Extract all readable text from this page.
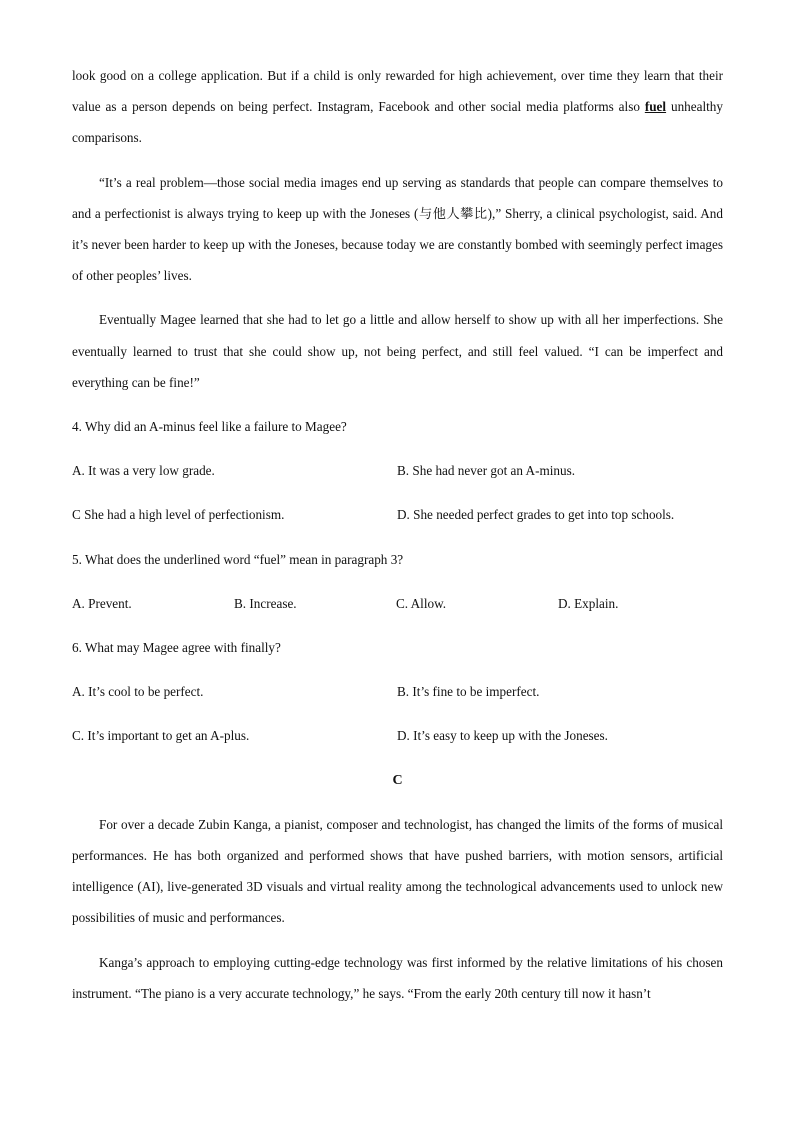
look good on a college application. But if a child is only rewarded for high achievement, over time they learn that their value as a person depends on being perfect. Instagram, Facebook and other social media platforms also fuel unhealthy comparisons.

“It’s a real problem—those social media images end up serving as standards that people can compare themselves to and a perfectionist is always trying to keep up with the Joneses (与他人攀比),” Sherry, a clinical psychologist, said. And it’s never been harder to keep up with the Joneses, because today we are constantly bombed with seemingly perfect images of other peoples’ lives.

Eventually Magee learned that she had to let go a little and allow herself to show up with all her imperfections. She eventually learned to trust that she could show up, not being perfect, and still feel valued. “I can be imperfect and everything can be fine!”

4. Why did an A-minus feel like a failure to Magee?
A. It was a very low grade.	B. She had never got an A-minus.
C She had a high level of perfectionism.	D. She needed perfect grades to get into top schools.
5. What does the underlined word “fuel” mean in paragraph 3?
A. Prevent.	B. Increase.	C. Allow.	D. Explain.
6. What may Magee agree with finally?
A. It’s cool to be perfect.	B. It’s fine to be imperfect.
C. It’s important to get an A-plus.	D. It’s easy to keep up with the Joneses.
C

For over a decade Zubin Kanga, a pianist, composer and technologist, has changed the limits of the forms of musical performances. He has both organized and performed shows that have pushed barriers, with motion sensors, artificial intelligence (AI), live-generated 3D visuals and virtual reality among the technological advancements used to unlock new possibilities of music and performances.

Kanga’s approach to employing cutting-edge technology was first informed by the relative limitations of his chosen instrument. “The piano is a very accurate technology,” he says. “From the early 20th century till now it hasn’t
